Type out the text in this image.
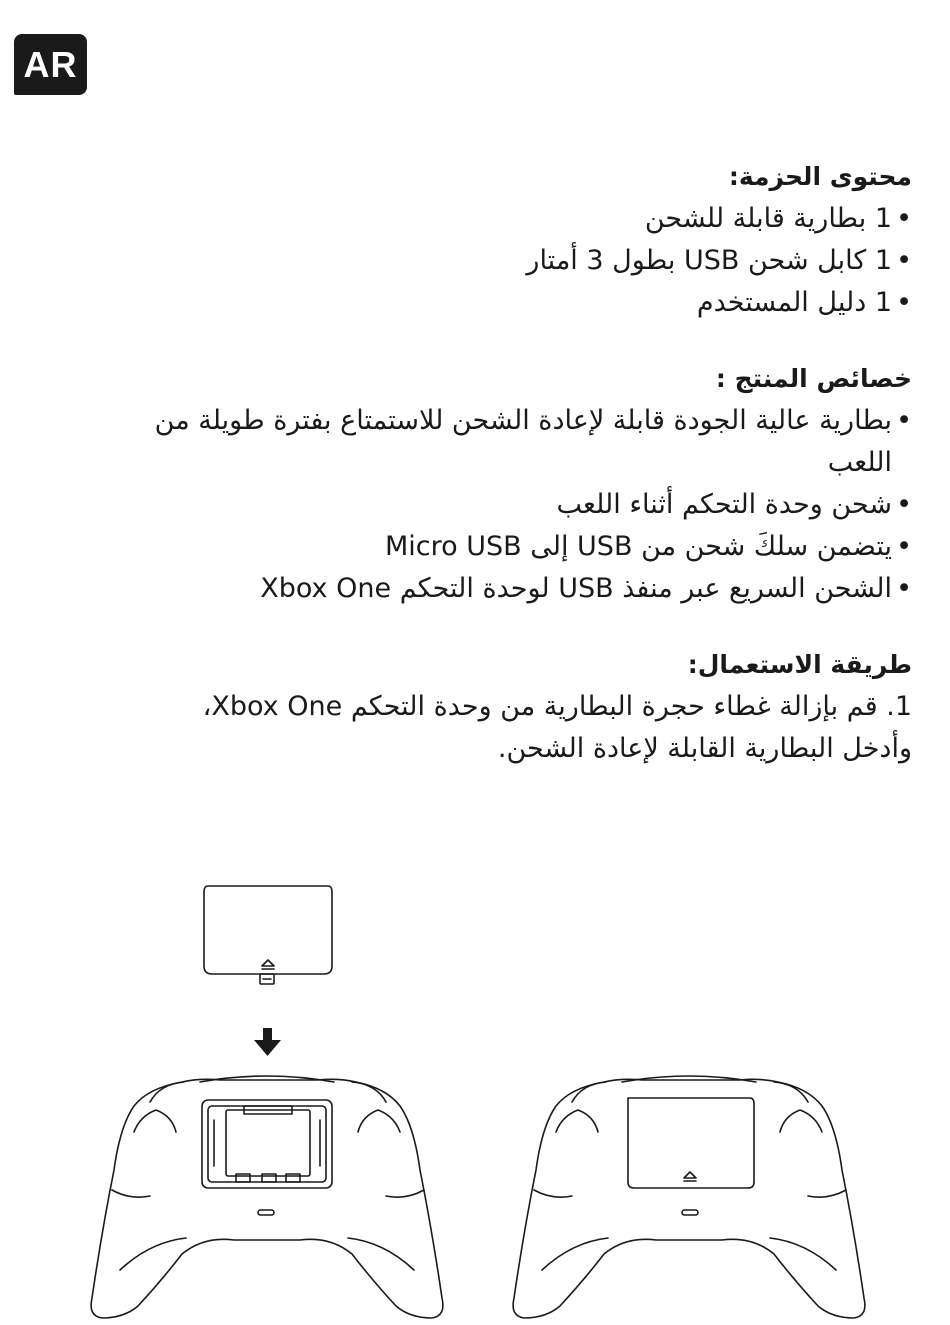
AR
محتوى الحزمة:
• 1 بطارية قابلة للشحن
• 1 كابل شحن USB بطول 3 أمتار
• 1 دليل المستخدم
خصائص المنتج :
• بطارية عالية الجودة قابلة لإعادة الشحن للاستمتاع بفترة طويلة من اللعب
• شحن وحدة التحكم أثناء اللعب
• يتضمن سلكَ شحن من USB إلى Micro USB
• الشحن السريع عبر منفذ USB لوحدة التحكم Xbox One
طريقة الاستعمال:
1. قم بإزالة غطاء حجرة البطارية من وحدة التحكم Xbox One، وأدخل البطارية القابلة لإعادة الشحن.
